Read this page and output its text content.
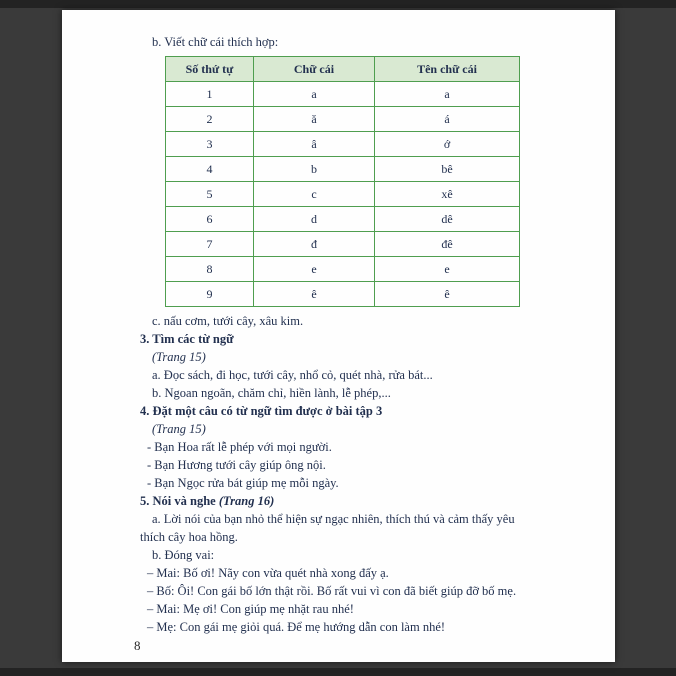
b. Viết chữ cái thích hợp:

Số thứ tự	Chữ cái	Tên chữ cái
1	a	a
2	ă	á
3	â	ớ
4	b	bê
5	c	xê
6	d	dê
7	đ	đê
8	e	e
9	ê	ê

c. nấu cơm, tưới cây, xâu kim.

3. Tìm các từ ngữ

(Trang 15)

a. Đọc sách, đi học, tưới cây, nhổ cỏ, quét nhà, rửa bát...

b. Ngoan ngoãn, chăm chỉ, hiền lành, lễ phép,...

4. Đặt một câu có từ ngữ tìm được ở bài tập 3

(Trang 15)

- Bạn Hoa rất lễ phép với mọi người.

- Bạn Hương tưới cây giúp ông nội.

- Bạn Ngọc rửa bát giúp mẹ mỗi ngày.

5. Nói và nghe (Trang 16)

a. Lời nói của bạn nhỏ thể hiện sự ngạc nhiên, thích thú và cảm thấy yêu thích cây hoa hồng.

b. Đóng vai:

– Mai: Bố ơi! Nãy con vừa quét nhà xong đấy ạ.

– Bố: Ôi! Con gái bố lớn thật rồi. Bố rất vui vì con đã biết giúp đỡ bố mẹ.

– Mai: Mẹ ơi! Con giúp mẹ nhặt rau nhé!

– Mẹ: Con gái mẹ giỏi quá. Để mẹ hướng dẫn con làm nhé!

8
